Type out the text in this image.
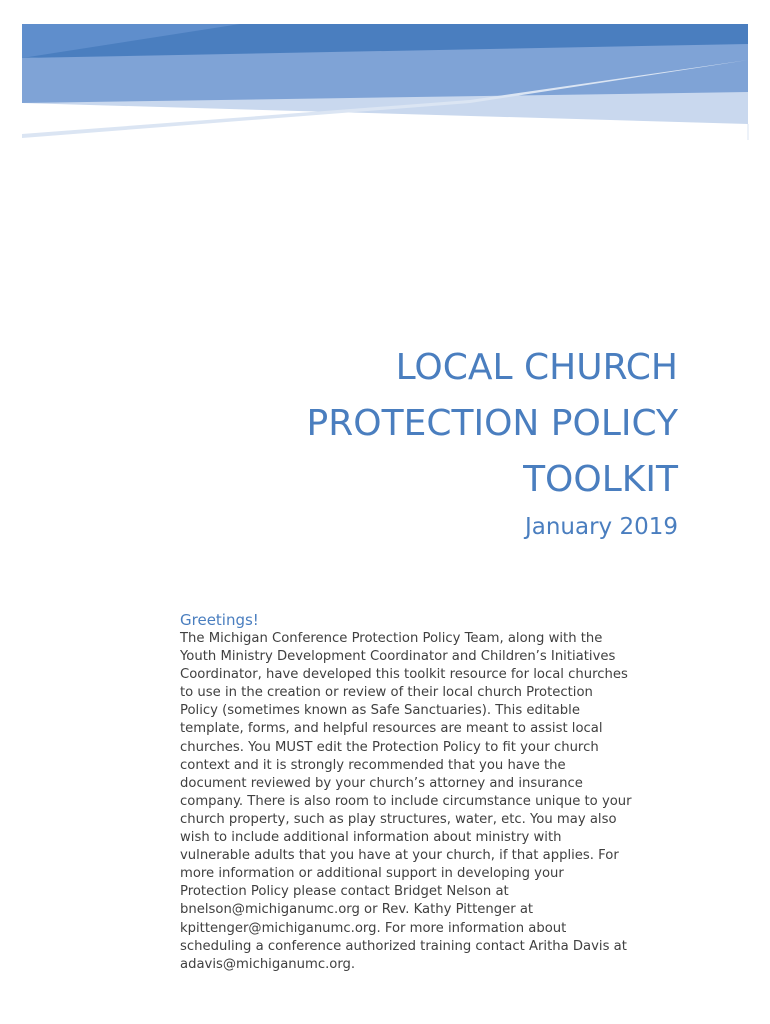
LOCAL CHURCH
PROTECTION POLICY
TOOLKIT
January 2019

Greetings!

The Michigan Conference Protection Policy Team, along with the
Youth Ministry Development Coordinator and Children’s Initiatives
Coordinator, have developed this toolkit resource for local churches
to use in the creation or review of their local church Protection
Policy (sometimes known as Safe Sanctuaries). This editable
template, forms, and helpful resources are meant to assist local
churches. You MUST edit the Protection Policy to fit your church
context and it is strongly recommended that you have the
document reviewed by your church’s attorney and insurance
company. There is also room to include circumstance unique to your
church property, such as play structures, water, etc. You may also
wish to include additional information about ministry with
vulnerable adults that you have at your church, if that applies. For
more information or additional support in developing your
Protection Policy please contact Bridget Nelson at
bnelson@michiganumc.org or Rev. Kathy Pittenger at
kpittenger@michiganumc.org. For more information about
scheduling a conference authorized training contact Aritha Davis at
adavis@michiganumc.org.
